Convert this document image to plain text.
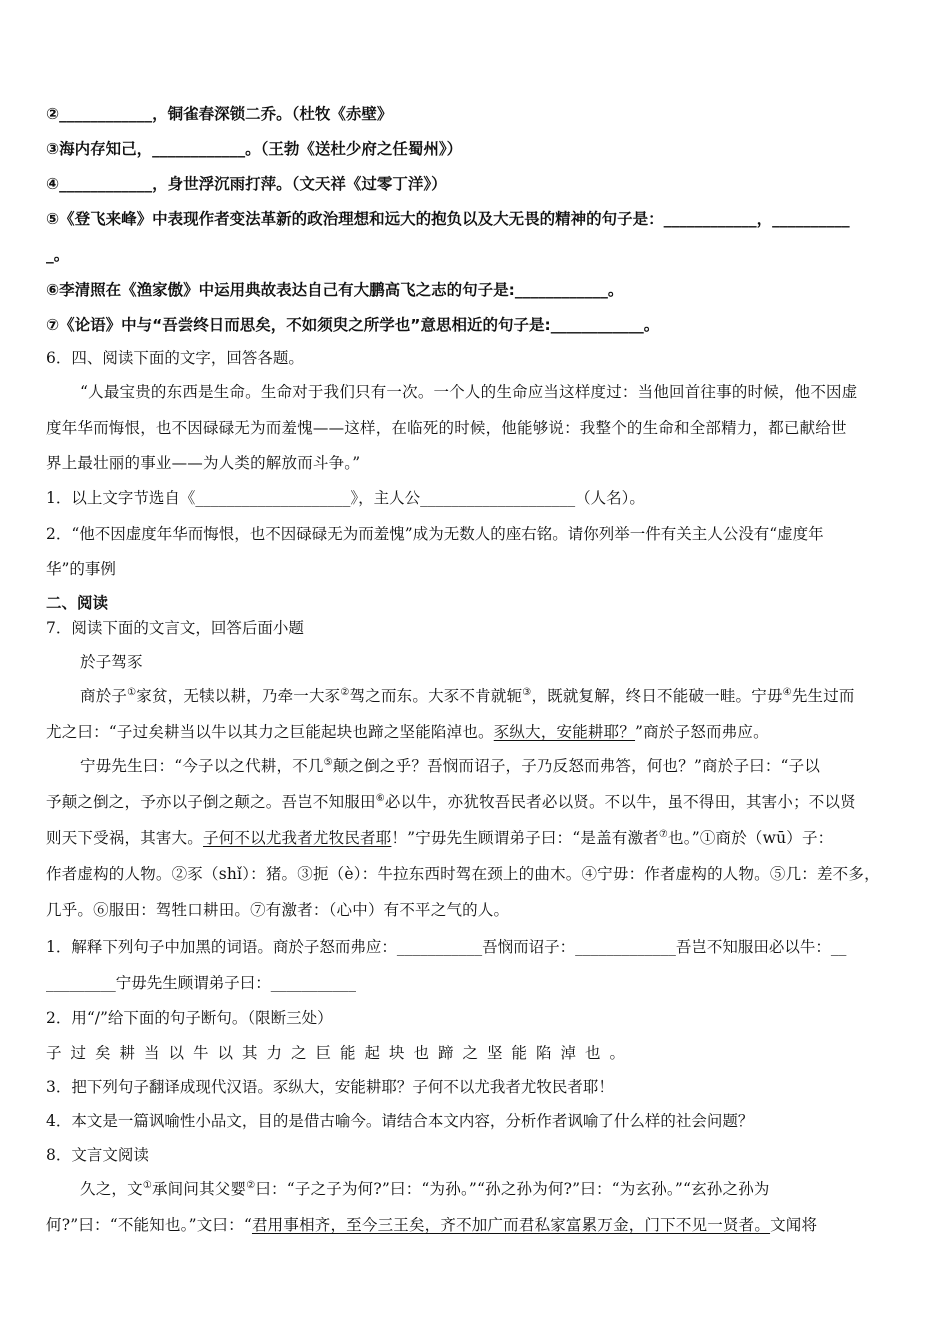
②____________，铜雀春深锁二乔。（杜牧《赤壁》
③海内存知己，____________。（王勃《送杜少府之任蜀州》）
④____________，身世浮沉雨打萍。（文天祥《过零丁洋》）
⑤《登飞来峰》中表现作者变法革新的政治理想和远大的抱负以及大无畏的精神的句子是：____________，__________
_。
⑥李清照在《渔家傲》中运用典故表达自己有大鹏高飞之志的句子是:____________。
⑦《论语》中与“吾尝终日而思矣，不如须臾之所学也”意思相近的句子是:____________。
6．四、阅读下面的文字，回答各题。
“人最宝贵的东西是生命。生命对于我们只有一次。一个人的生命应当这样度过：当他回首往事的时候，他不因虚
度年华而悔恨，也不因碌碌无为而羞愧——这样，在临死的时候，他能够说：我整个的生命和全部精力，都已献给世
界上最壮丽的事业——为人类的解放而斗争。”
1．以上文字节选自《____________________》，主人公____________________（人名）。
2．“他不因虚度年华而悔恨，也不因碌碌无为而羞愧”成为无数人的座右铭。请你列举一件有关主人公没有“虚度年
华”的事例
二、阅读
7．阅读下面的文言文，回答后面小题
於子驾豕
商於子①家贫，无犊以耕，乃牵一大豕②驾之而东。大豕不肯就轭③，既就复解，终日不能破一畦。宁毋④先生过而
尤之曰：“子过矣耕当以牛以其力之巨能起块也蹄之坚能陷淖也。豕纵大，安能耕耶？”商於子怒而弗应。
宁毋先生曰：“今子以之代耕，不几⑤颠之倒之乎？吾悯而诏子，子乃反怒而弗答，何也？”商於子曰：“子以
予颠之倒之，予亦以子倒之颠之。吾岂不知服田⑥必以牛，亦犹牧吾民者必以贤。不以牛，虽不得田，其害小；不以贤
则天下受祸，其害大。子何不以尤我者尤牧民者耶！”宁毋先生顾谓弟子曰：“是盖有激者⑦也。”①商於（wū）子：
作者虚构的人物。②豕（shǐ）：猪。③扼（è）：牛拉东西时驾在颈上的曲木。④宁毋：作者虚构的人物。⑤几：差不多，
几乎。⑥服田：驾牲口耕田。⑦有激者：（心中）有不平之气的人。
1．解释下列句子中加黑的词语。商於子怒而弗应：___________吾悯而诏子：_____________吾岂不知服田必以牛：__
_________宁毋先生顾谓弟子曰：___________
2．用“/”给下面的句子断句。（限断三处）
子过矣耕当以牛以其力之巨能起块也蹄之坚能陷淖也。
3．把下列句子翻译成现代汉语。豕纵大，安能耕耶？子何不以尤我者尤牧民者耶！
4．本文是一篇讽喻性小品文，目的是借古喻今。请结合本文内容，分析作者讽喻了什么样的社会问题？
8．文言文阅读
久之，文①承间问其父婴②曰：“子之子为何?”曰：“为孙。”“孙之孙为何?”曰：“为玄孙。”“玄孙之孙为
何?”曰：“不能知也。”文曰：“君用事相齐，至今三王矣，齐不加广而君私家富累万金，门下不见一贤者。文闻将
